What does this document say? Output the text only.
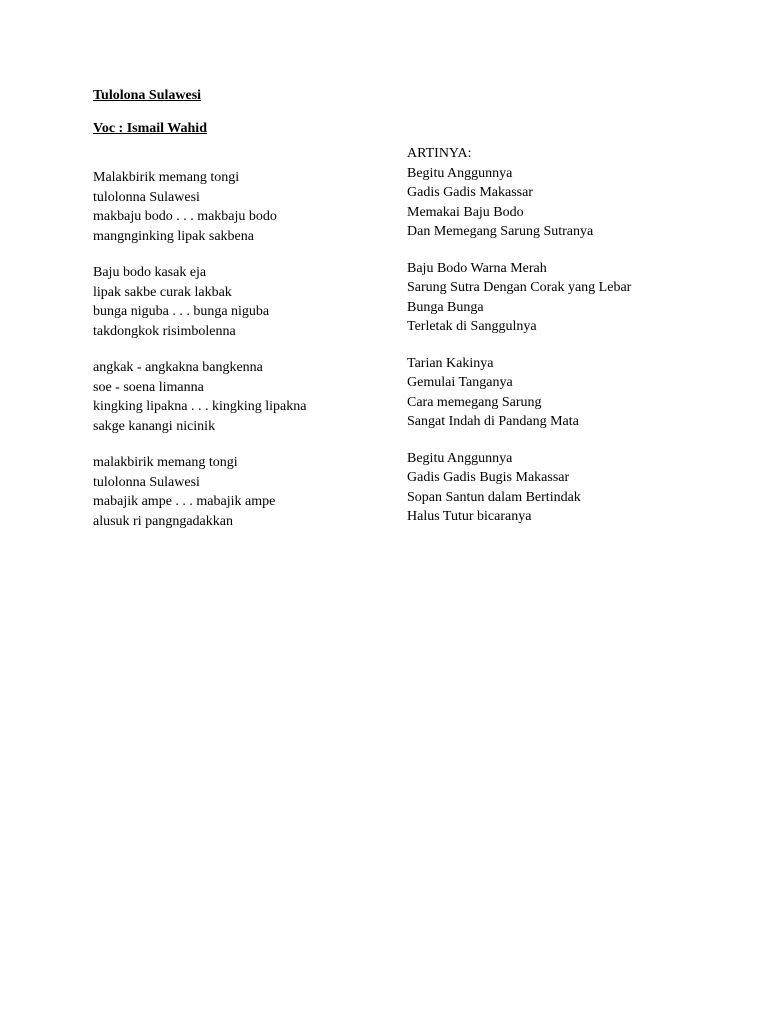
Tulolona Sulawesi
Voc : Ismail Wahid
Malakbirik memang tongi
tulolonna Sulawesi
makbaju bodo . . . makbaju bodo
mangnginking lipak sakbena
Baju bodo kasak eja
lipak sakbe curak lakbak
bunga niguba . . . bunga niguba
takdongkok risimbolenna
angkak - angkakna bangkenna
soe - soena limanna
kingking lipakna . . . kingking lipakna
sakge kanangi nicinik
malakbirik memang tongi
tulolonna Sulawesi
mabajik ampe . . . mabajik ampe
alusuk ri pangngadakkan
ARTINYA:
Begitu Anggunnya
Gadis Gadis Makassar
Memakai Baju Bodo
Dan Memegang Sarung Sutranya
Baju Bodo Warna Merah
Sarung Sutra Dengan Corak yang Lebar
Bunga Bunga
Terletak di Sanggulnya
Tarian Kakinya
Gemulai Tanganya
Cara memegang Sarung
Sangat Indah di Pandang Mata
Begitu Anggunnya
Gadis Gadis Bugis Makassar
Sopan Santun dalam Bertindak
Halus Tutur bicaranya
